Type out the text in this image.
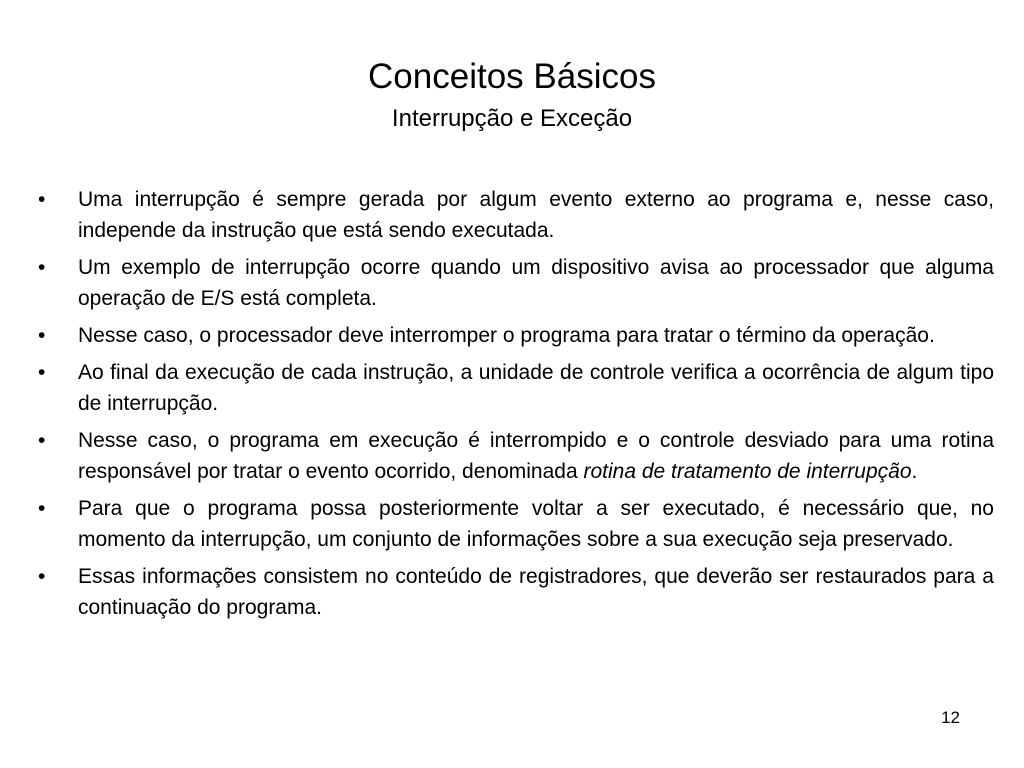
Conceitos Básicos
Interrupção e Exceção
•	Uma interrupção é sempre gerada por algum evento externo ao programa e, nesse caso, independe da instrução que está sendo executada.
•	Um exemplo de interrupção ocorre quando um dispositivo avisa ao processador que alguma operação de E/S está completa.
•	Nesse caso, o processador deve interromper o programa para tratar o término da operação.
•	Ao final da execução de cada instrução, a unidade de controle verifica a ocorrência de algum tipo de interrupção.
•	Nesse caso, o programa em execução é interrompido e o controle desviado para uma rotina responsável por tratar o evento ocorrido, denominada rotina de tratamento de interrupção.
•	Para que o programa possa posteriormente voltar a ser executado, é necessário que, no momento da interrupção, um conjunto de informações sobre a sua execução seja preservado.
•	Essas informações consistem no conteúdo de registradores, que deverão ser restaurados para a continuação do programa.
12
